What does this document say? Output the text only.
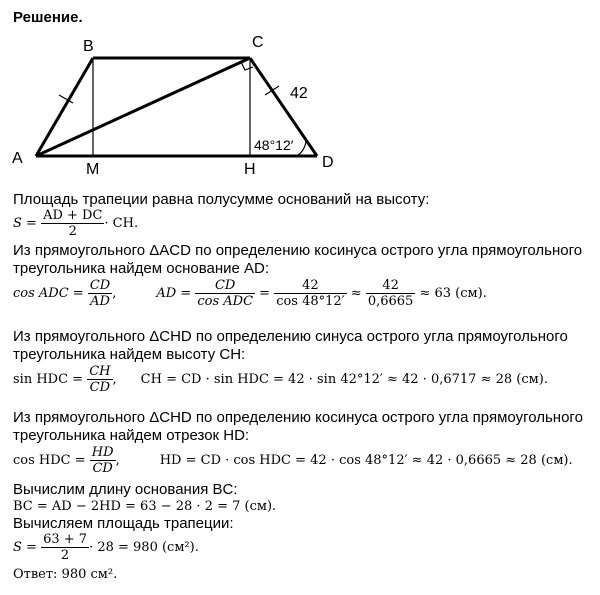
Решение.
B	C
A	D
M	H
42
48°12′
Площадь трапеции равна полусумме оснований на высоту:
S =
$\frac{AD + DC}{2}$ · CH.
Из прямоугольного ΔACD по определению косинуса острого угла прямоугольного
треугольника найдем основание AD:
cos ADC =
$\frac{CD}{AD}$ ,	AD =
$\frac{CD}{\text{cos ADC}}$
=
$\frac{42}{\cos 48^\circ 12'}$
≈
$\frac{42}{0,6665}$
≈ 63 (см).
Из прямоугольного ΔCHD по определению синуса острого угла прямоугольного
треугольника найдем высоту CH:
sin HDC =
$\frac{CH}{CD}$ , CH = CD · sin HDC = 42 · sin 42°12′ ≈ 42 · 0,6717 ≈ 28 (см).
Из прямоугольного ΔCHD по определению косинуса острого угла прямоугольного
треугольника найдем отрезок HD:
cos HDC =
$\frac{HD}{CD}$ ,	HD = CD · cos HDC = 42 · cos 48°12′ ≈ 42 · 0,6665 ≈ 28 (см).
Вычислим длину основания BC:
BC = AD − 2HD = 63 − 28 · 2 = 7 (см).
Вычисляем площадь трапеции:
S =
$\frac{63 + 7}{2} \cdot 28 = 980$ (см²).
Ответ: 980 см².
